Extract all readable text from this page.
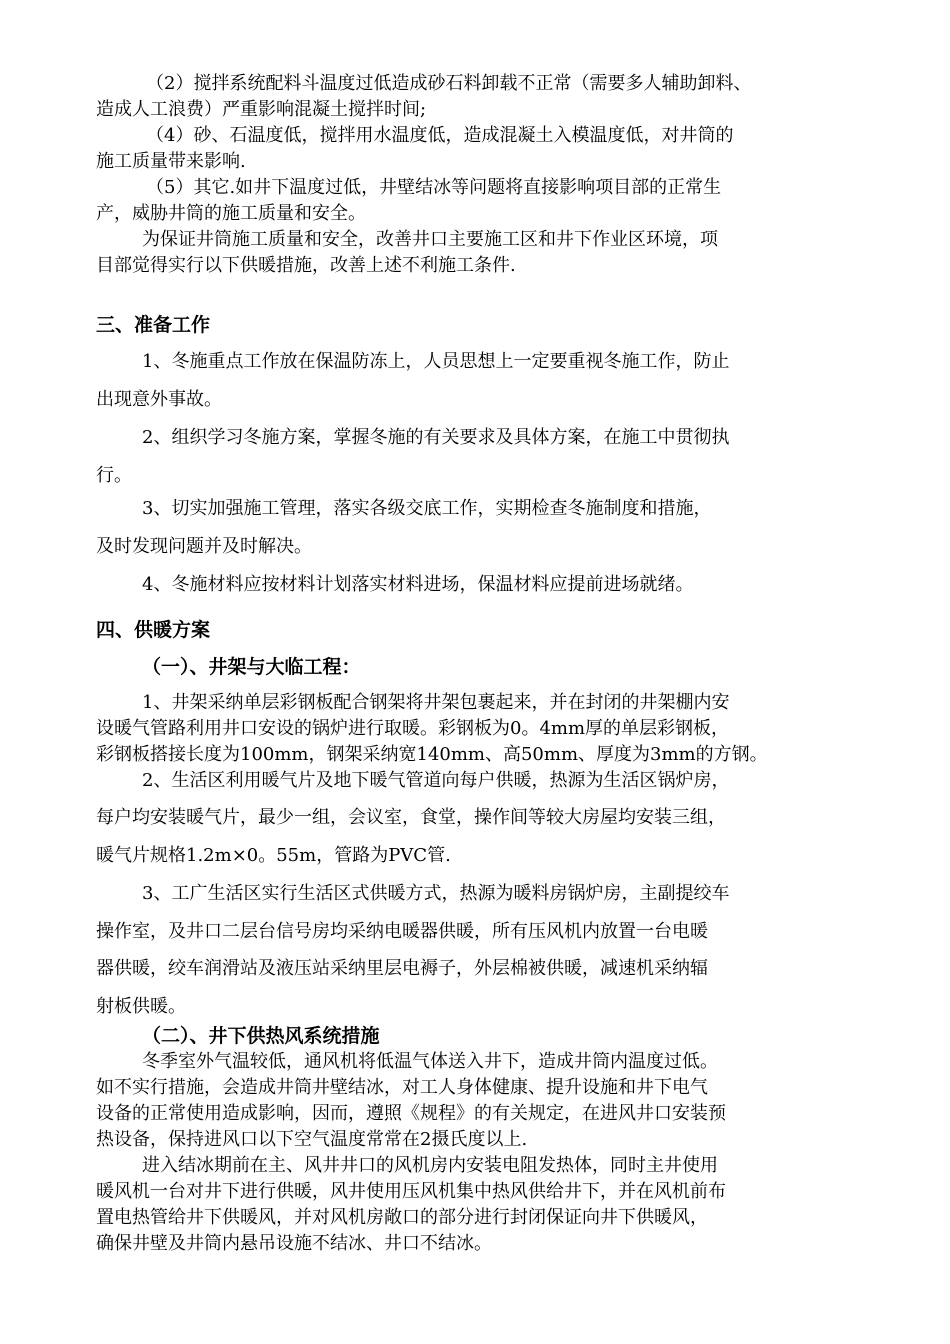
（2）搅拌系统配料斗温度过低造成砂石料卸载不正常（需要多人辅助卸料、
造成人工浪费）严重影响混凝土搅拌时间;
（4）砂、石温度低，搅拌用水温度低，造成混凝土入模温度低，对井筒的
施工质量带来影响.
（5）其它.如井下温度过低，井壁结冰等问题将直接影响项目部的正常生
产，威胁井筒的施工质量和安全。
为保证井筒施工质量和安全，改善井口主要施工区和井下作业区环境，项
目部觉得实行以下供暖措施，改善上述不利施工条件.
三、准备工作
1、冬施重点工作放在保温防冻上，人员思想上一定要重视冬施工作，防止
出现意外事故。
2、组织学习冬施方案，掌握冬施的有关要求及具体方案，在施工中贯彻执
行。
3、切实加强施工管理，落实各级交底工作，实期检查冬施制度和措施，
及时发现问题并及时解决。
4、冬施材料应按材料计划落实材料进场，保温材料应提前进场就绪。
四、供暖方案
（一）、井架与大临工程：
1、井架采纳单层彩钢板配合钢架将井架包裹起来，并在封闭的井架棚内安
设暖气管路利用井口安设的锅炉进行取暖。彩钢板为0。4mm厚的单层彩钢板，
彩钢板搭接长度为100mm，钢架采纳宽140mm、高50mm、厚度为3mm的方钢。
2、生活区利用暖气片及地下暖气管道向每户供暖，热源为生活区锅炉房，
每户均安装暖气片，最少一组，会议室，食堂，操作间等较大房屋均安装三组，
暖气片规格1.2m×0。55m，管路为PVC管.
3、工广生活区实行生活区式供暖方式，热源为暖料房锅炉房，主副提绞车
操作室，及井口二层台信号房均采纳电暖器供暖，所有压风机内放置一台电暖
器供暖，绞车润滑站及液压站采纳里层电褥子，外层棉被供暖，减速机采纳辐
射板供暖。
（二）、井下供热风系统措施
冬季室外气温较低，通风机将低温气体送入井下，造成井筒内温度过低。
如不实行措施，会造成井筒井壁结冰，对工人身体健康、提升设施和井下电气
设备的正常使用造成影响，因而，遵照《规程》的有关规定，在进风井口安装预
热设备，保持进风口以下空气温度常常在2摄氏度以上.
进入结冰期前在主、风井井口的风机房内安装电阻发热体，同时主井使用
暖风机一台对井下进行供暖，风井使用压风机集中热风供给井下，并在风机前布
置电热管给井下供暖风，并对风机房敞口的部分进行封闭保证向井下供暖风，
确保井壁及井筒内悬吊设施不结冰、井口不结冰。
